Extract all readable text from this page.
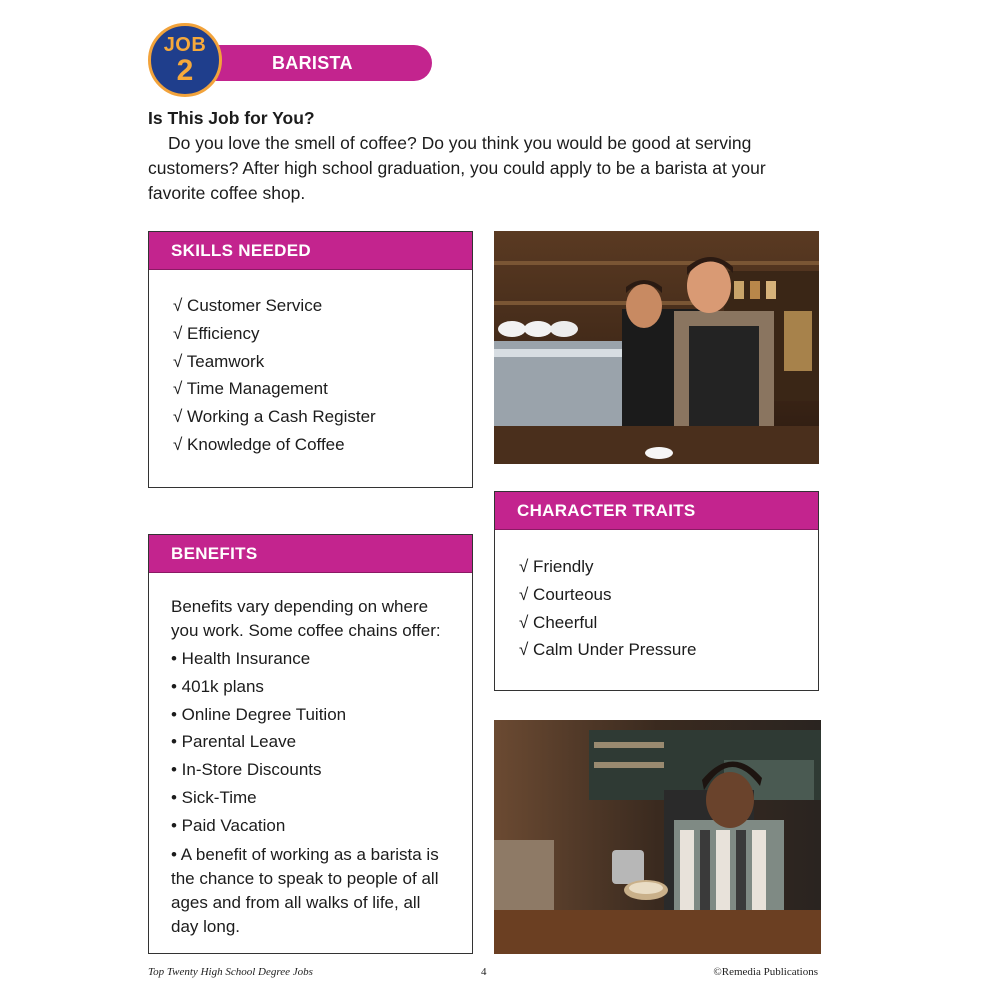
JOB
2	BARISTA
Is This Job for You?

Do you love the smell of coffee? Do you think you would be good at serving customers? After high school graduation, you could apply to be a barista at your favorite coffee shop.

SKILLS NEEDED
√ Customer Service
√ Efficiency
√ Teamwork
√ Time Management
√ Working a Cash Register
√ Knowledge of Coffee
CHARACTER TRAITS
√ Friendly
√ Courteous
√ Cheerful
√ Calm Under Pressure
BENEFITS

Benefits vary depending on where you work. Some coffee chains offer:

• Health Insurance
• 401k plans
• Online Degree Tuition
• Parental Leave
• In-Store Discounts
• Sick-Time
• Paid Vacation
• A benefit of working as a barista is the chance to speak to people of all ages and from all walks of life, all day long.
Top Twenty High School Degree Jobs	4	©Remedia Publications
